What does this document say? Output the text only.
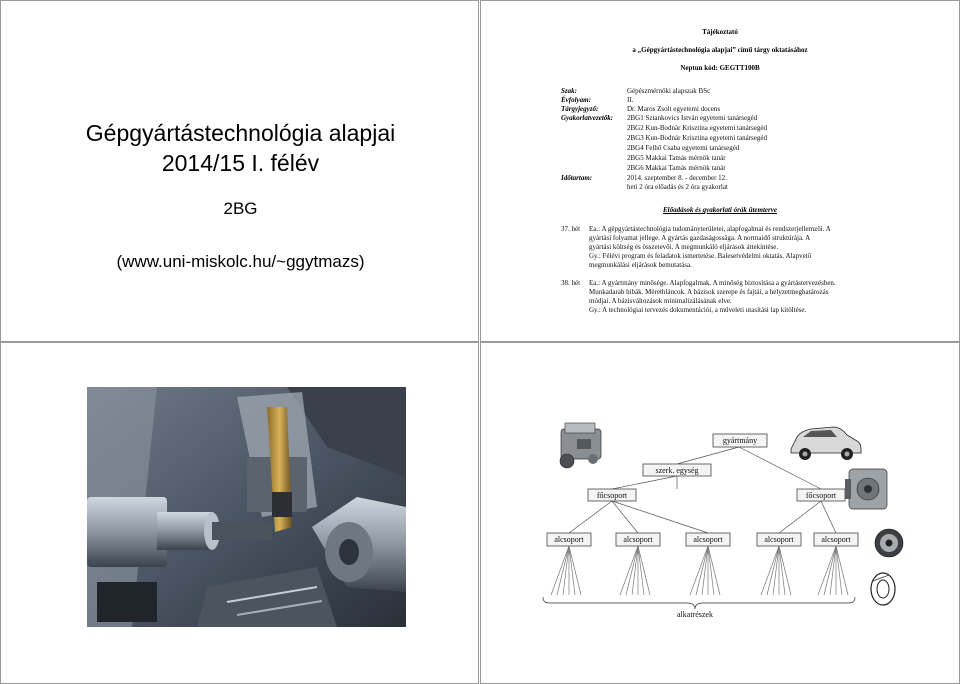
Gépgyártástechnológia alapjai
2014/15 I. félév
2BG
(www.uni-miskolc.hu/~ggytmazs)
Tájékoztató
a „Gépgyártástechnológia alapjai” című tárgy oktatásához
Neptun kód: GEGTT100B
Szak:	Gépészmérnöki alapszak BSc
Évfolyam:	II.
Tárgyjegyző:	Dr. Maros Zsolt egyetemi docens
Gyakorlatvezetők: 2BG1 Sztankovics István egyetemi tanársegéd
2BG2 Kun-Bodnár Krisztina egyetemi tanársegéd
2BG3 Kun-Bodnár Krisztina egyetemi tanársegéd
2BG4 Felhő Csaba egyetemi tanársegéd
2BG5 Makkai Tamás mérnök tanár
2BG6 Makkai Tamás mérnök tanár
Időtartam:	2014. szeptember 8. - december 12.
heti 2 óra előadás és 2 óra gyakorlat
Előadások és gyakorlati órák ütemterve
37. hét Ea.: A gépgyártástechnológia tudományterületei, alapfogalmai és rendszerjellemzői. A
gyártási folyamat jellege. A gyártás gazdaságossága. A normaidő struktúrája. A
gyártási költség és összetevői. A megmunkáló eljárások áttekintése.
Gy.: Félévi program és feladatok ismertetése. Balesetvédelmi oktatás. Alapvető
megmunkálási eljárások bemutatása.
38. hét Ea.: A gyártmány minősége. Alapfogalmak. A minőség biztosítása a gyártástervezésben.
Munkadarab hibák. Mérethláncok. A bázisok szerepe és fajtái, a helyzetmeghatározás
módjai. A bázisváltozások minimalizálásának elve.
Gy.: A technológiai tervezés dokumentációi, a műveleti utasítási lap kitöltése.
gyártmány
szerk. egység
főcsoport	főcsoport
alcsoport	alcsoport	alcsoport	alcsoport	alcsoport
alkatrészek
